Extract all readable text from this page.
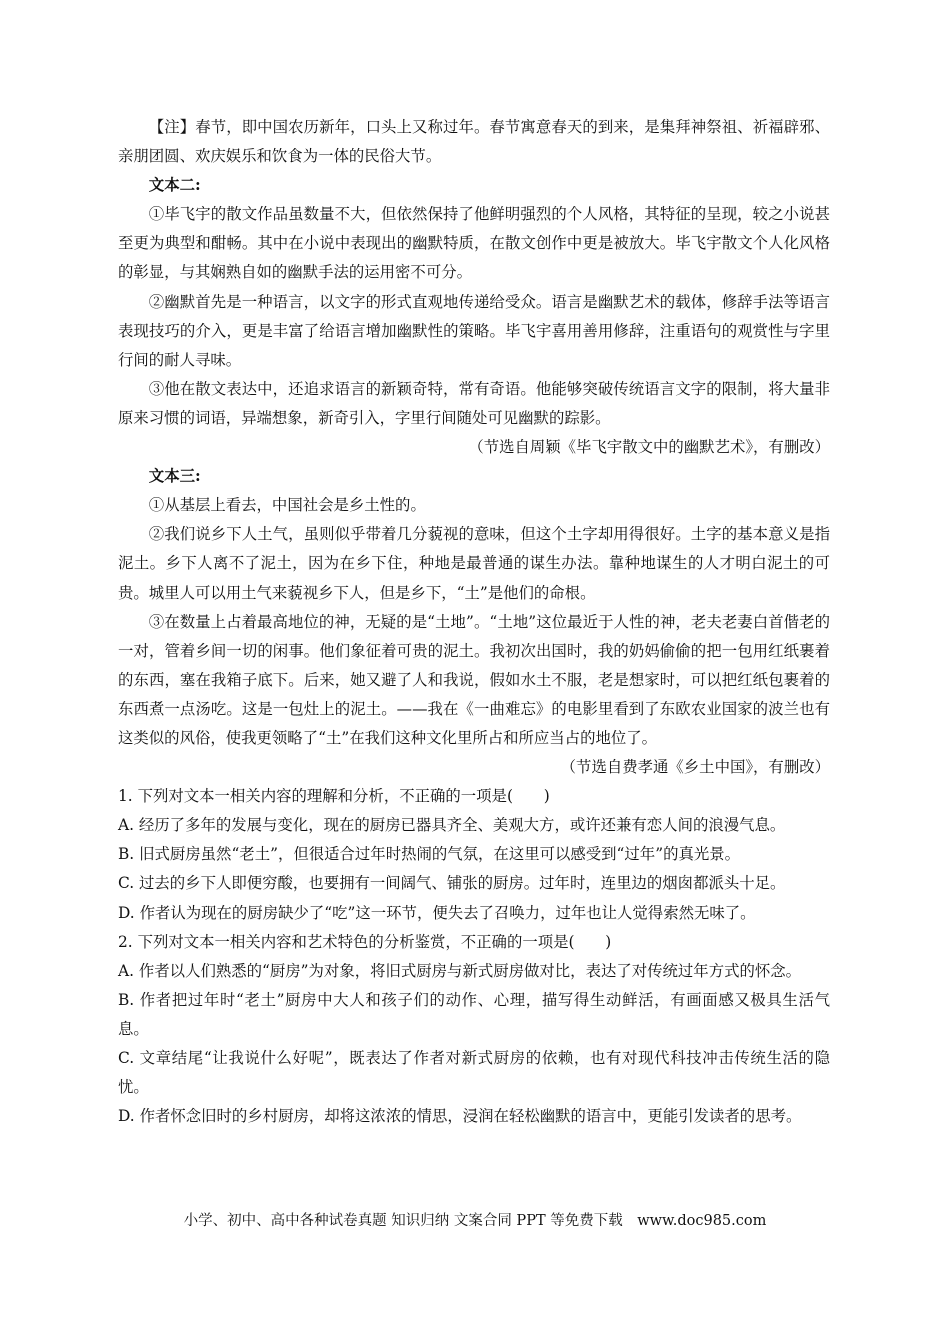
【注】春节，即中国农历新年，口头上又称过年。春节寓意春天的到来，是集拜神祭祖、祈福辟邪、亲朋团圆、欢庆娱乐和饮食为一体的民俗大节。

文本二:

①毕飞宇的散文作品虽数量不大，但依然保持了他鲜明强烈的个人风格，其特征的呈现，较之小说甚至更为典型和酣畅。其中在小说中表现出的幽默特质，在散文创作中更是被放大。毕飞宇散文个人化风格的彰显，与其娴熟自如的幽默手法的运用密不可分。

②幽默首先是一种语言，以文字的形式直观地传递给受众。语言是幽默艺术的载体，修辞手法等语言表现技巧的介入，更是丰富了给语言增加幽默性的策略。毕飞宇喜用善用修辞，注重语句的观赏性与字里行间的耐人寻味。

③他在散文表达中，还追求语言的新颖奇特，常有奇语。他能够突破传统语言文字的限制，将大量非原来习惯的词语，异端想象，新奇引入，字里行间随处可见幽默的踪影。

（节选自周颖《毕飞宇散文中的幽默艺术》，有删改）

文本三:

①从基层上看去，中国社会是乡土性的。

②我们说乡下人土气，虽则似乎带着几分藐视的意味，但这个土字却用得很好。土字的基本意义是指泥土。乡下人离不了泥土，因为在乡下住，种地是最普通的谋生办法。靠种地谋生的人才明白泥土的可贵。城里人可以用土气来藐视乡下人，但是乡下，“土”是他们的命根。

③在数量上占着最高地位的神，无疑的是“土地”。“土地”这位最近于人性的神，老夫老妻白首偕老的一对，管着乡间一切的闲事。他们象征着可贵的泥土。我初次出国时，我的奶妈偷偷的把一包用红纸裹着的东西，塞在我箱子底下。后来，她又避了人和我说，假如水土不服，老是想家时，可以把红纸包裹着的东西煮一点汤吃。这是一包灶上的泥土。——我在《一曲难忘》的电影里看到了东欧农业国家的波兰也有这类似的风俗，使我更领略了“土”在我们这种文化里所占和所应当占的地位了。

（节选自费孝通《乡土中国》，有删改）

1. 下列对文本一相关内容的理解和分析，不正确的一项是(　　)

A. 经历了多年的发展与变化，现在的厨房已器具齐全、美观大方，或许还兼有恋人间的浪漫气息。

B. 旧式厨房虽然“老土”，但很适合过年时热闹的气氛，在这里可以感受到“过年”的真光景。

C. 过去的乡下人即便穷酸，也要拥有一间阔气、铺张的厨房。过年时，连里边的烟囱都派头十足。

D. 作者认为现在的厨房缺少了“吃”这一环节，便失去了召唤力，过年也让人觉得索然无味了。

2. 下列对文本一相关内容和艺术特色的分析鉴赏，不正确的一项是(　　)

A. 作者以人们熟悉的“厨房”为对象，将旧式厨房与新式厨房做对比，表达了对传统过年方式的怀念。

B. 作者把过年时“老土”厨房中大人和孩子们的动作、心理，描写得生动鲜活，有画面感又极具生活气息。

C. 文章结尾“让我说什么好呢”，既表达了作者对新式厨房的依赖，也有对现代科技冲击传统生活的隐忧。

D. 作者怀念旧时的乡村厨房，却将这浓浓的情思，浸润在轻松幽默的语言中，更能引发读者的思考。

小学、初中、高中各种试卷真题 知识归纳 文案合同 PPT 等免费下载　www.doc985.com
